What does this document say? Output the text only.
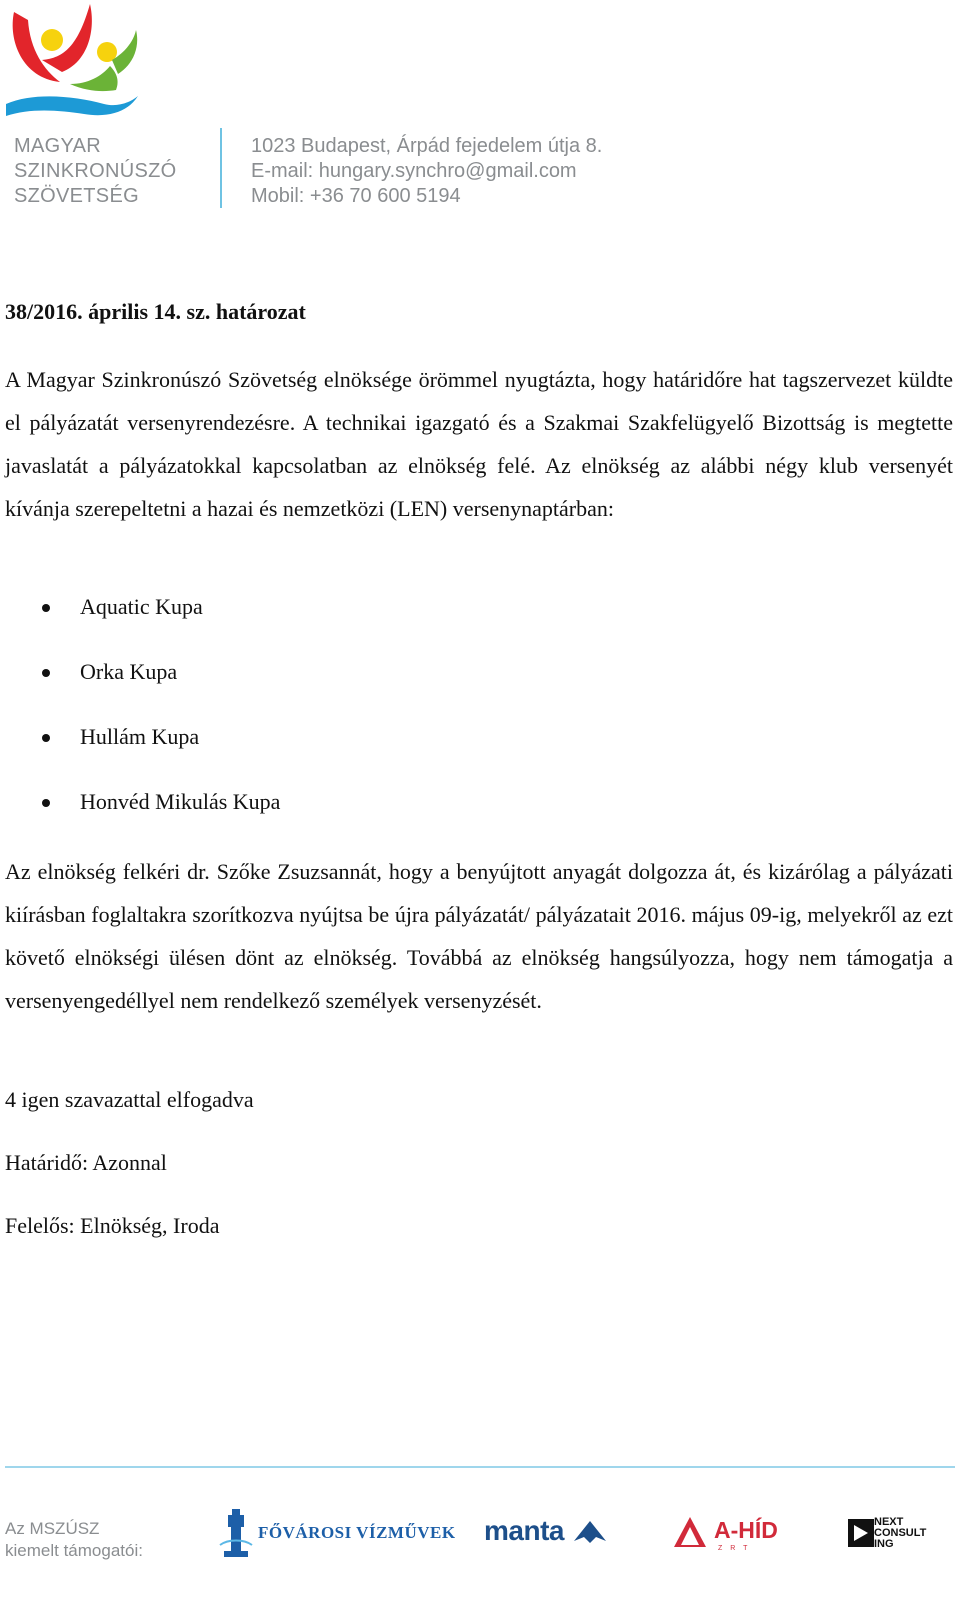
MAGYAR
SZINKRONÚSZÓ
SZÖVETSÉG
1023 Budapest, Árpád fejedelem útja 8.
E-mail: hungary.synchro@gmail.com
Mobil: +36 70 600 5194
38/2016. április 14. sz. határozat

A Magyar Szinkronúszó Szövetség elnöksége örömmel nyugtázta, hogy határidőre hat tagszervezet küldte el pályázatát versenyrendezésre. A technikai igazgató és a Szakmai Szakfelügyelő Bizottság is megtette javaslatát a pályázatokkal kapcsolatban az elnökség felé. Az elnökség az alábbi négy klub versenyét kívánja szerepeltetni a hazai és nemzetközi (LEN) versenynaptárban:

Aquatic Kupa
Orka Kupa
Hullám Kupa
Honvéd Mikulás Kupa

Az elnökség felkéri dr. Szőke Zsuzsannát, hogy a benyújtott anyagát dolgozza át, és kizárólag a pályázati kiírásban foglaltakra szorítkozva nyújtsa be újra pályázatát/ pályázatait 2016. május 09-ig, melyekről az ezt követő elnökségi ülésen dönt az elnökség. Továbbá az elnökség hangsúlyozza, hogy nem támogatja a versenyengedéllyel nem rendelkező személyek versenyzését.

4 igen szavazattal elfogadva
Határidő: Azonnal
Felelős: Elnökség, Iroda
Az MSZÚSZ
kiemelt támogatói:
FŐVÁROSI VÍZMŰVEK manta	A-HÍD
Z R T
NEXT
CONSULT
ING
